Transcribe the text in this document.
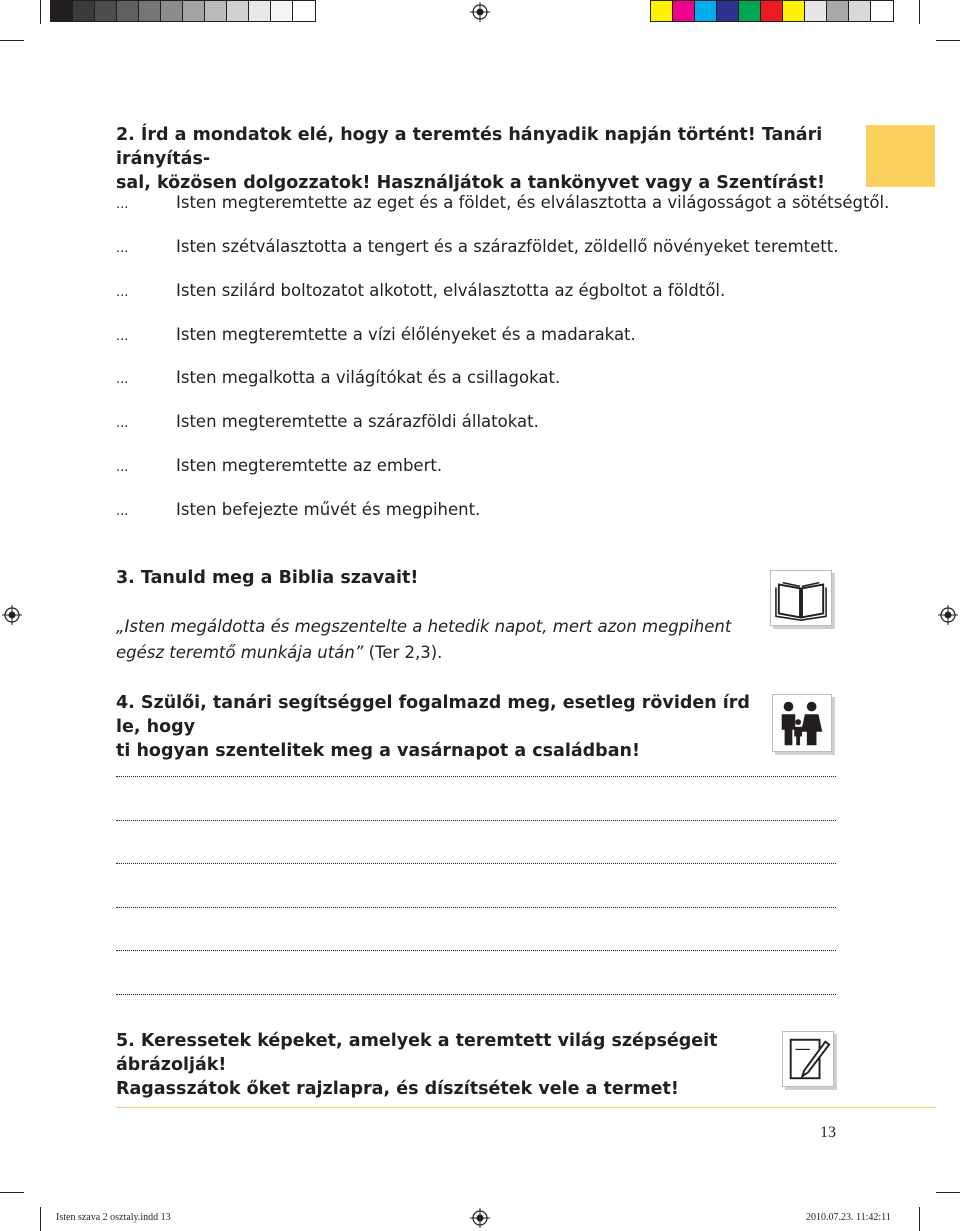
2. Írd a mondatok elé, hogy a teremtés hányadik napján történt! Tanári irányítás-
sal, közösen dolgozzatok! Használjátok a tankönyvet vagy a Szentírást!
...	Isten megteremtette az eget és a földet, és elválasztotta a világosságot a sötétségtől.
...	Isten szétválasztotta a tengert és a szárazföldet, zöldellő növényeket teremtett.
...	Isten szilárd boltozatot alkotott, elválasztotta az égboltot a földtől.
...	Isten megteremtette a vízi élőlényeket és a madarakat.
...	Isten megalkotta a világítókat és a csillagokat.
...	Isten megteremtette a szárazföldi állatokat.
...	Isten megteremtette az embert.
...	Isten befejezte művét és megpihent.
3. Tanuld meg a Biblia szavait!
„Isten megáldotta és megszentelte a hetedik napot, mert azon megpihent egész teremtő munkája után” (Ter 2,3).
4. Szülői, tanári segítséggel fogalmazd meg, esetleg röviden írd le, hogy
ti hogyan szentelitek meg a vasárnapot a családban!
5. Keressetek képeket, amelyek a teremtett világ szépségeit ábrázolják!
Ragasszátok őket rajzlapra, és díszítsétek vele a termet!
13
Isten szava 2 osztaly.indd 13	2010.07.23. 11:42:11
